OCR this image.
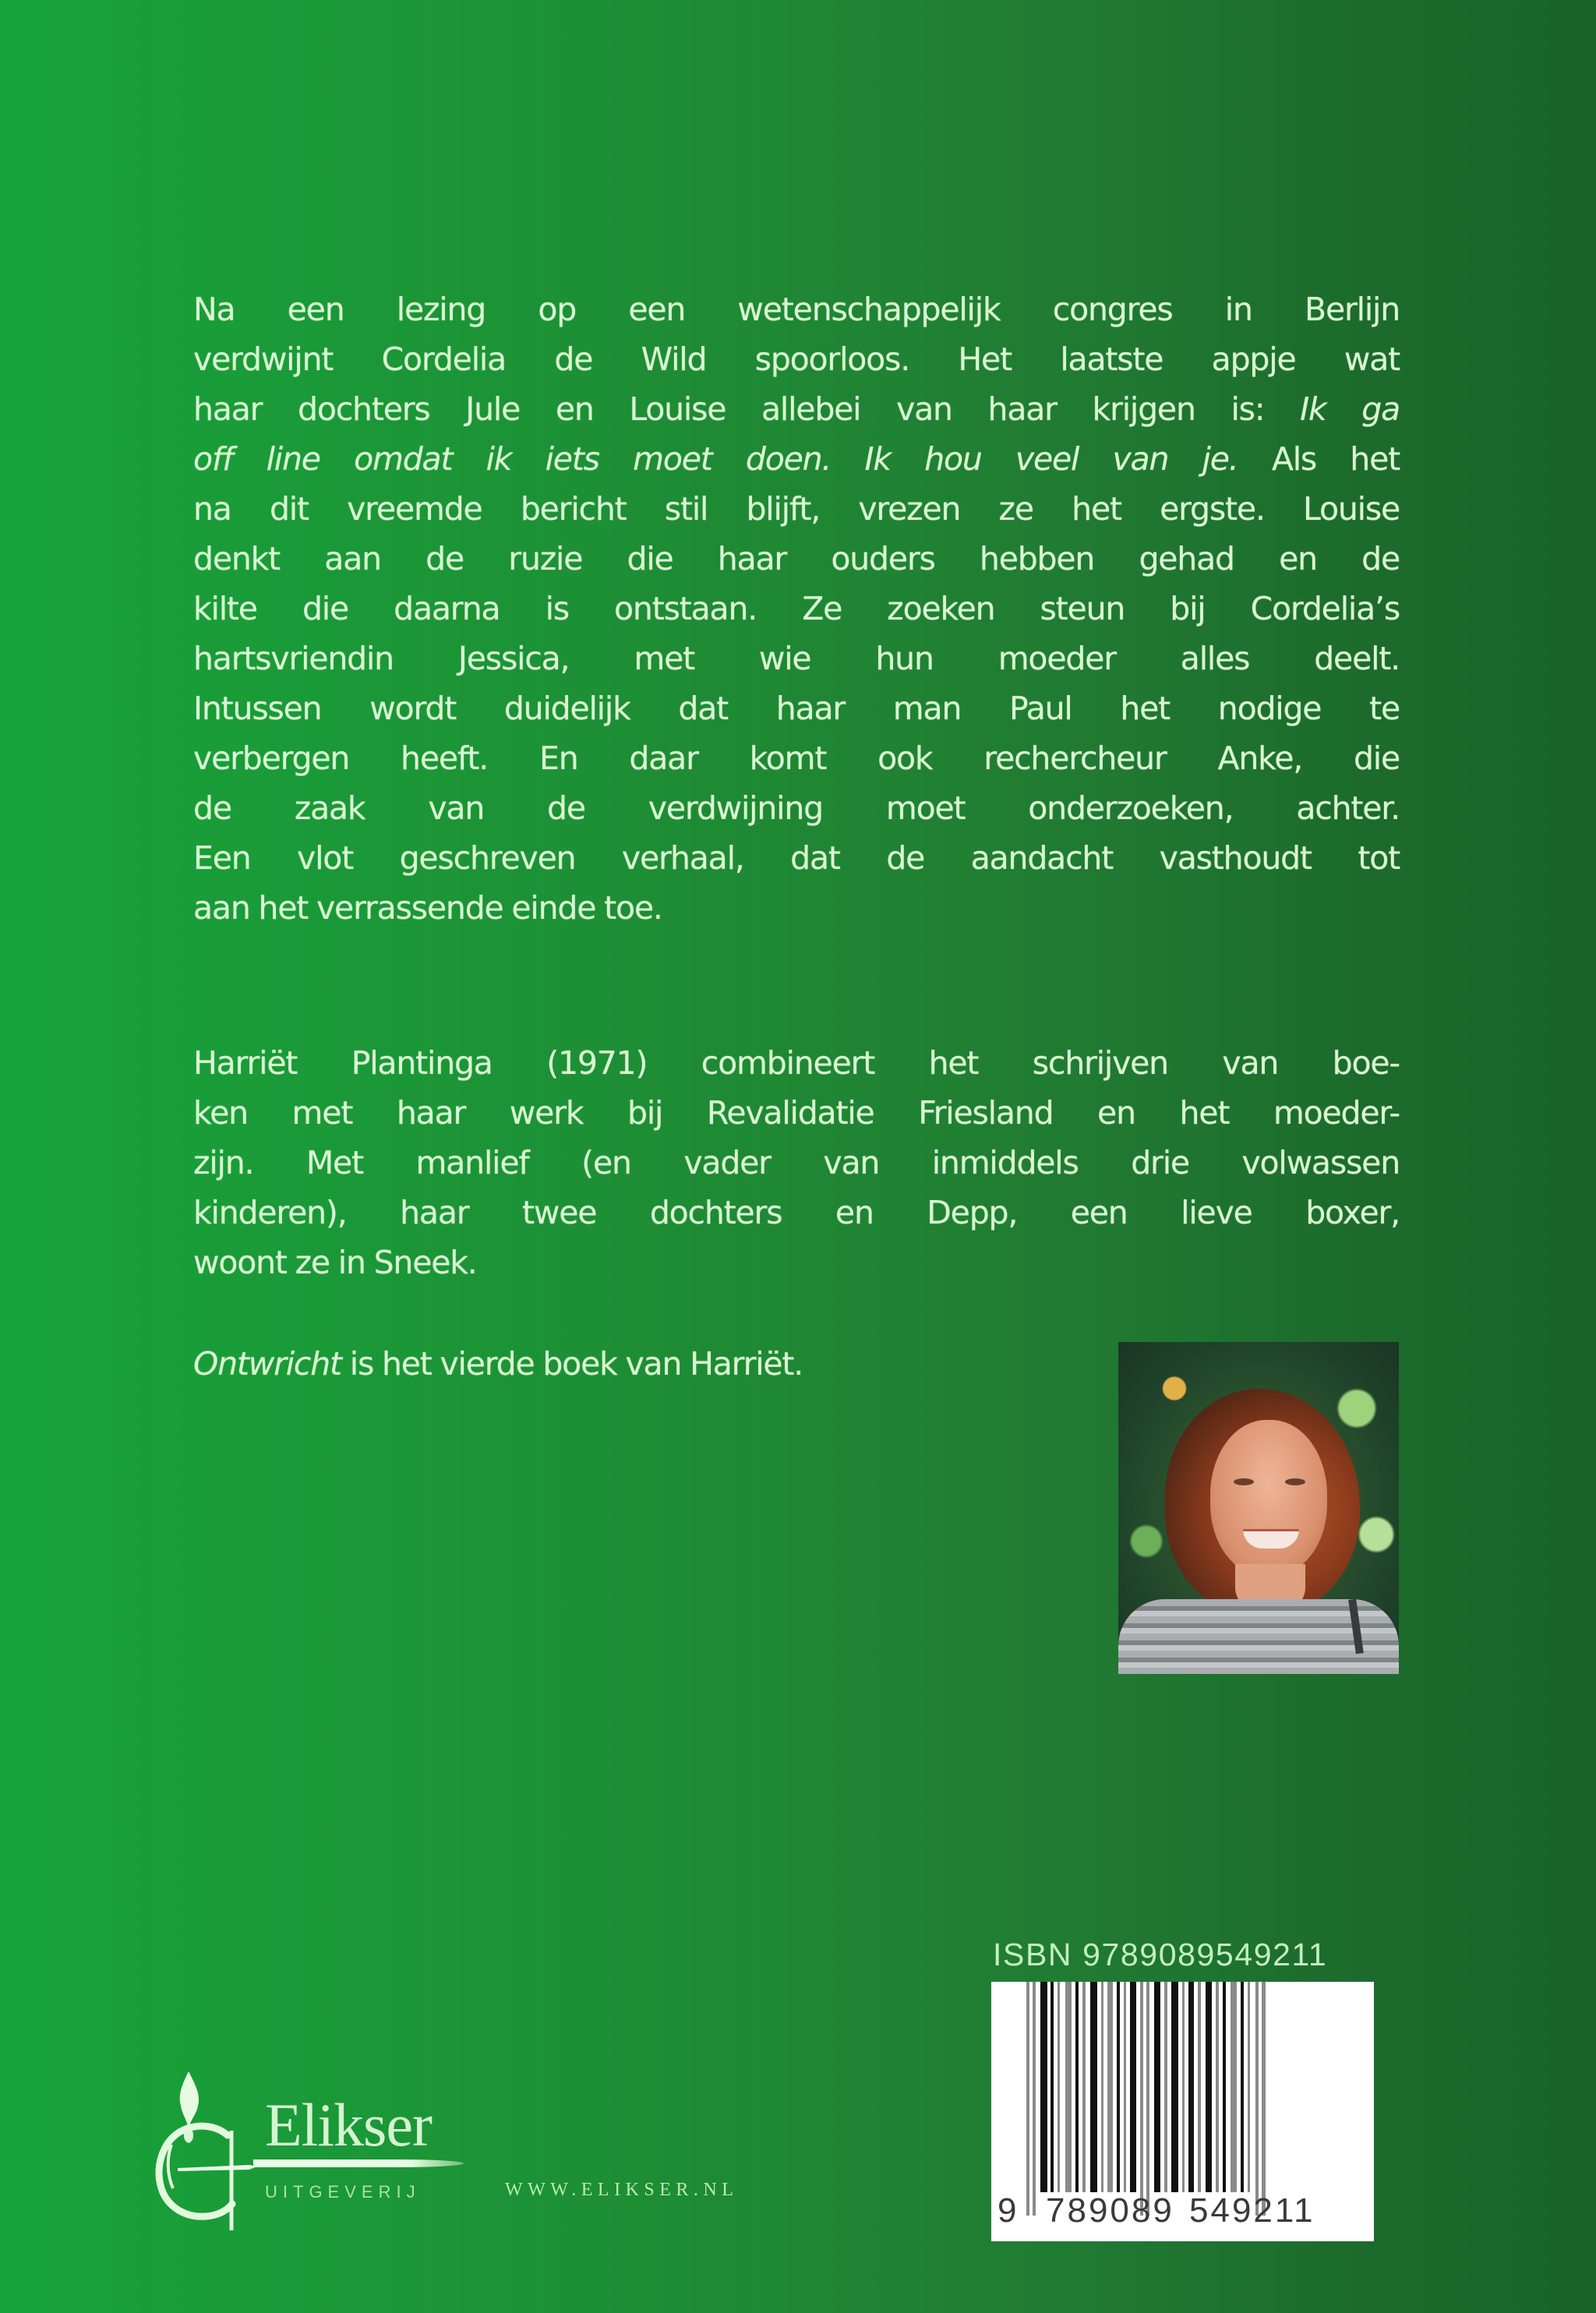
Na een lezing op een wetenschappelijk congres in Berlijn
verdwijnt Cordelia de Wild spoorloos. Het laatste appje wat
haar dochters Jule en Louise allebei van haar krijgen is: Ik ga
off line omdat ik iets moet doen. Ik hou veel van je. Als het
na dit vreemde bericht stil blijft, vrezen ze het ergste. Louise
denkt aan de ruzie die haar ouders hebben gehad en de
kilte die daarna is ontstaan. Ze zoeken steun bij Cordelia’s
hartsvriendin Jessica, met wie hun moeder alles deelt.
Intussen wordt duidelijk dat haar man Paul het nodige te
verbergen heeft. En daar komt ook rechercheur Anke, die
de zaak van de verdwijning moet onderzoeken, achter.
Een vlot geschreven verhaal, dat de aandacht vasthoudt tot
aan het verrassende einde toe.
Harriët Plantinga (1971) combineert het schrijven van boe-
ken met haar werk bij Revalidatie Friesland en het moeder-
zijn. Met manlief (en vader van inmiddels drie volwassen
kinderen), haar twee dochters en Depp, een lieve boxer,
woont ze in Sneek.
Ontwricht is het vierde boek van Harriët.
ISBN 9789089549211
9 789089 549211
Elikser
UITGEVERIJ	WWW.ELIKSER.NL
